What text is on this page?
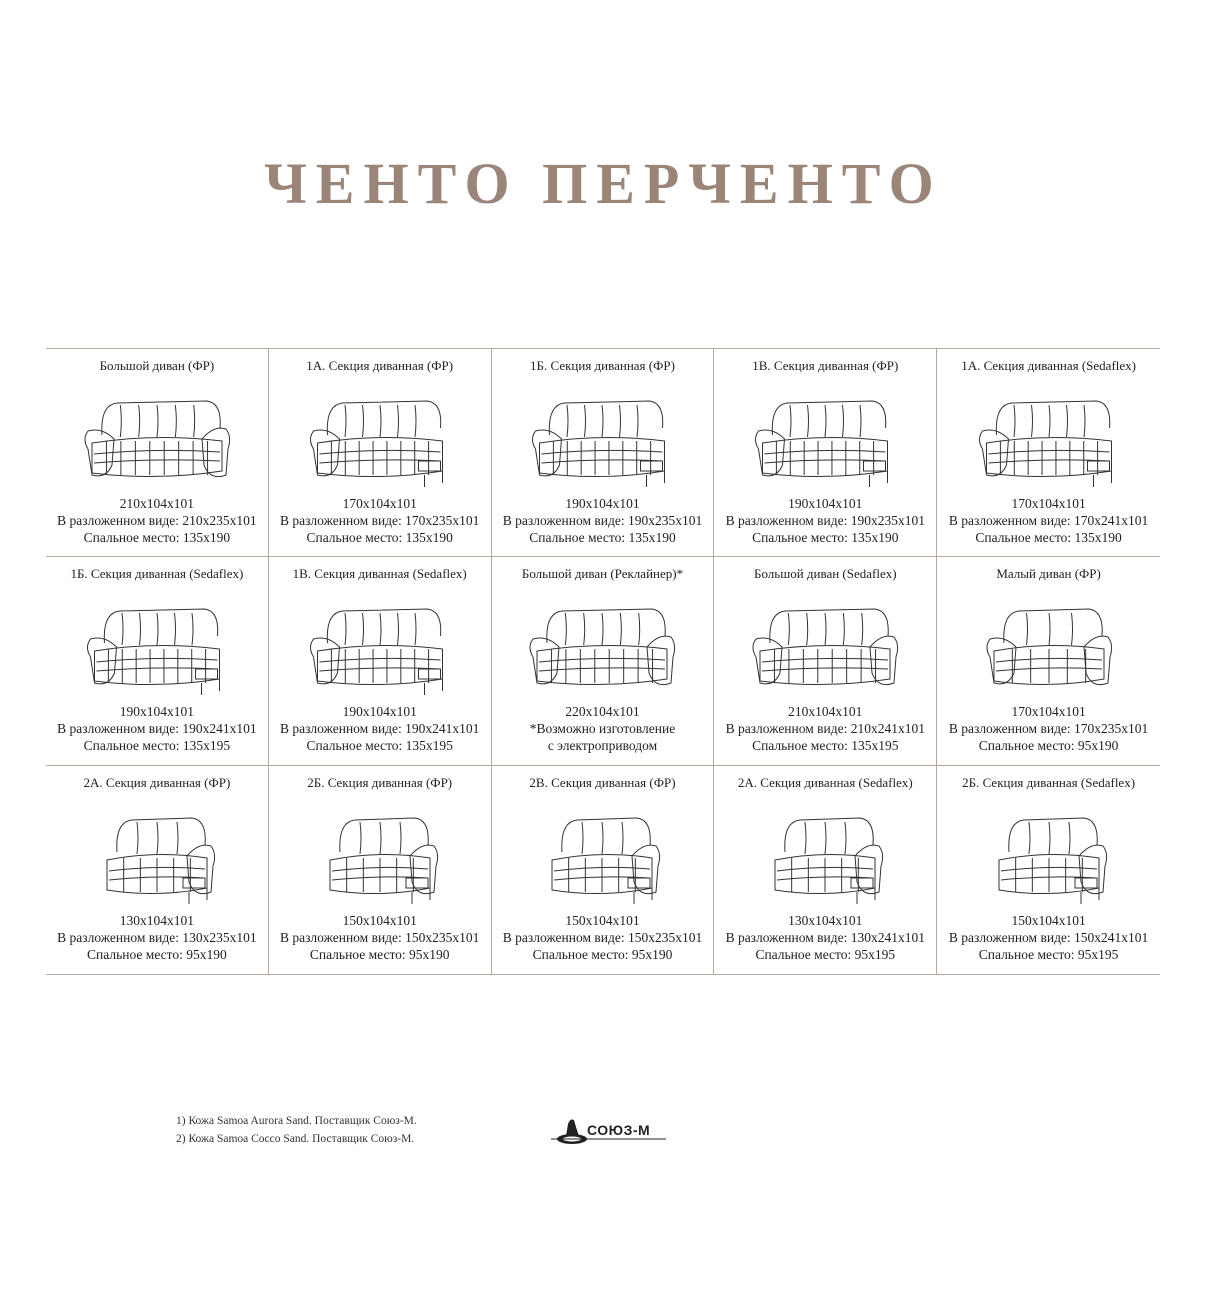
ЧЕНТО ПЕРЧЕНТО
Большой диван (ФР)
210x104x101
В разложенном виде: 210x235x101
Спальное место: 135x190
1А. Секция диванная (ФР)
170x104x101
В разложенном виде: 170x235x101
Спальное место: 135x190
1Б. Секция диванная (ФР)
190x104x101
В разложенном виде: 190x235x101
Спальное место: 135x190
1В. Секция диванная (ФР)
190x104x101
В разложенном виде: 190x235x101
Спальное место: 135x190
1А. Секция диванная (Sedaflex)
170x104x101
В разложенном виде: 170x241x101
Спальное место: 135x190
1Б. Секция диванная (Sedaflex)
190x104x101
В разложенном виде: 190x241x101
Спальное место: 135x195
1В. Секция диванная (Sedaflex)
190x104x101
В разложенном виде: 190x241x101
Спальное место: 135x195
Большой диван (Реклайнер)*
220x104x101
*Возможно изготовление
с электроприводом
Большой диван (Sedaflex)
210x104x101
В разложенном виде: 210x241x101
Спальное место: 135x195
Малый диван (ФР)
170x104x101
В разложенном виде: 170x235x101
Спальное место: 95x190
2А. Секция диванная (ФР)
130x104x101
В разложенном виде: 130x235x101
Спальное место: 95x190
2Б. Секция диванная (ФР)
150x104x101
В разложенном виде: 150x235x101
Спальное место: 95x190
2В. Секция диванная (ФР)
150x104x101
В разложенном виде: 150x235x101
Спальное место: 95x190
2А. Секция диванная (Sedaflex)
130x104x101
В разложенном виде: 130x241x101
Спальное место: 95x195
2Б. Секция диванная (Sedaflex)
150x104x101
В разложенном виде: 150x241x101
Спальное место: 95x195
1) Кожа Samoa Aurora Sand. Поставщик Союз-М.
2) Кожа Samoa Cocco Sand. Поставщик Союз-М.
СОЮЗ-М
